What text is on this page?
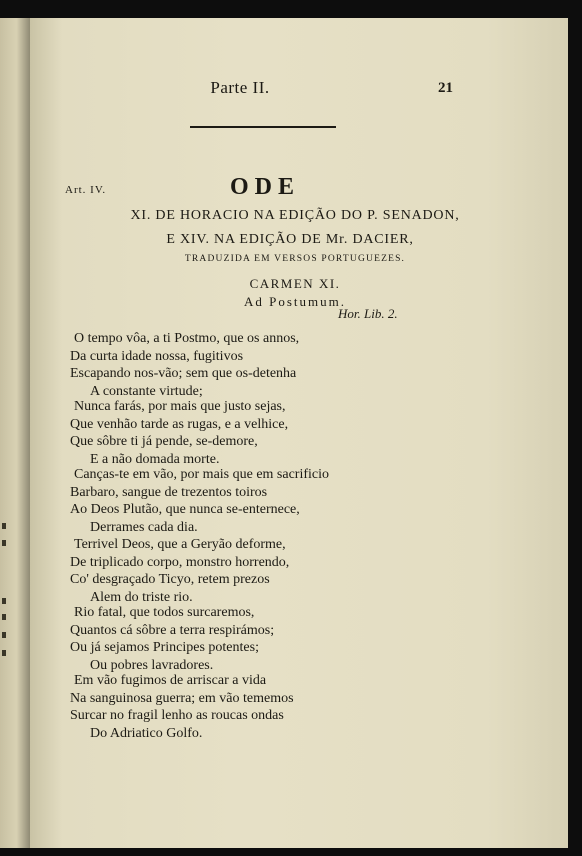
Parte II.	21
Art. IV.	ODE
XI. DE HORACIO NA EDIÇÃO DO P. SENADON,
E XIV. NA EDIÇÃO DE Mr. DACIER,
TRADUZIDA EM VERSOS PORTUGUEZES.
CARMEN XI.
Ad Postumum.
Hor. Lib. 2.
O tempo vôa, a ti Postmo, que os annos,
Da curta idade nossa, fugitivos
Escapando nos-vão; sem que os-detenha
A constante virtude;
Nunca farás, por mais que justo sejas,
Que venhão tarde as rugas, e a velhice,
Que sôbre ti já pende, se-demore,
E a não domada morte.
Canças-te em vão, por mais que em sacrificio
Barbaro, sangue de trezentos toiros
Ao Deos Plutão, que nunca se-enternece,
Derrames cada dia.
Terrivel Deos, que a Geryão deforme,
De triplicado corpo, monstro horrendo,
Co' desgraçado Ticyo, retem prezos
Alem do triste rio.
Rio fatal, que todos surcaremos,
Quantos cá sôbre a terra respirámos;
Ou já sejamos Principes potentes;
Ou pobres lavradores.
Em vão fugimos de arriscar a vida
Na sanguinosa guerra; em vão tememos
Surcar no fragil lenho as roucas ondas
Do Adriatico Golfo.
